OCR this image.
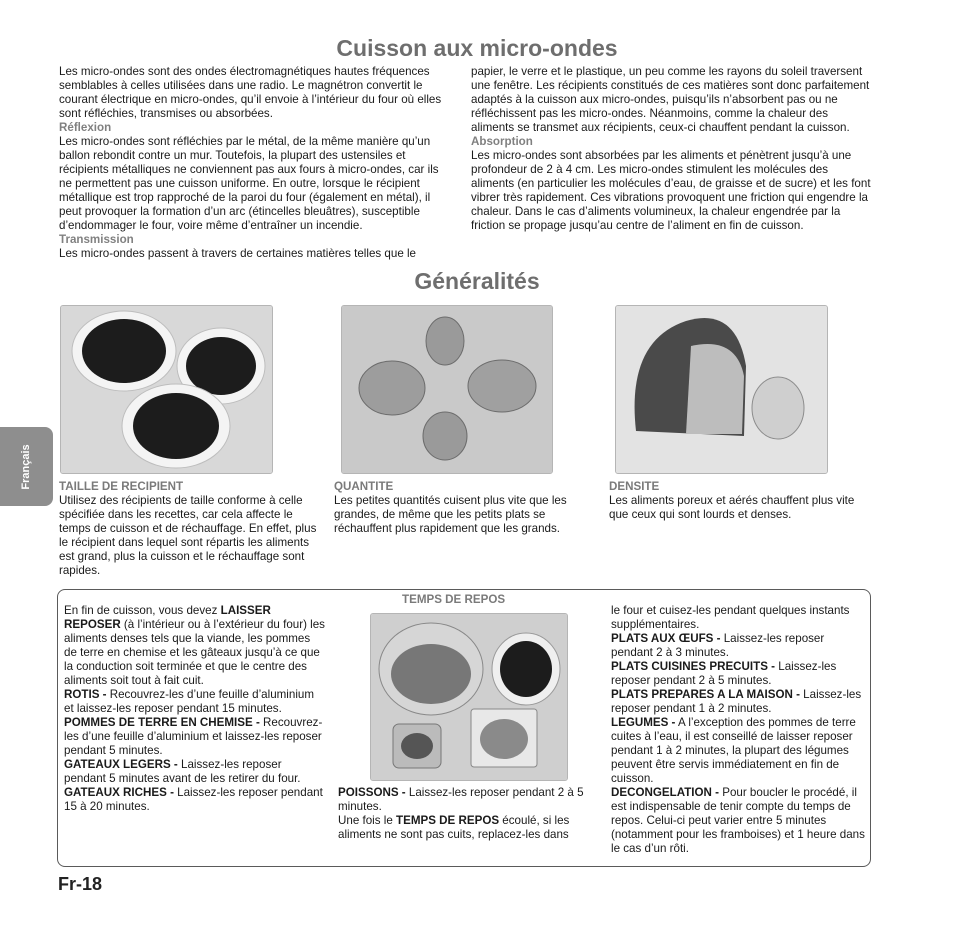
Cuisson aux micro-ondes
Les micro-ondes sont des ondes électromagnétiques hautes fréquences semblables à celles utilisées dans une radio. Le magnétron convertit le courant électrique en micro-ondes, qu’il envoie à l’intérieur du four où elles sont réfléchies, transmises ou absorbées.
Réflexion
Les micro-ondes sont réfléchies par le métal, de la même manière qu’un ballon rebondit contre un mur. Toutefois, la plupart des ustensiles et récipients métalliques ne conviennent pas aux fours à micro-ondes, car ils ne permettent pas une cuisson uniforme. En outre, lorsque le récipient métallique est trop rapproché de la paroi du four (également en métal), il peut provoquer la formation d’un arc (étincelles bleuâtres), susceptible d’endommager le four, voire même d’entraîner un incendie.
Transmission
Les micro-ondes passent à travers de certaines matières telles que le
papier, le verre et le plastique, un peu comme les rayons du soleil traversent une fenêtre. Les récipients constitués de ces matières sont donc parfaitement adaptés à la cuisson aux micro-ondes, puisqu’ils n’absorbent pas ou ne réfléchissent pas les micro-ondes. Néanmoins, comme la chaleur des aliments se transmet aux récipients, ceux-ci chauffent pendant la cuisson.
Absorption
Les micro-ondes sont absorbées par les aliments et pénètrent jusqu’à une profondeur de 2 à 4 cm. Les micro-ondes stimulent les molécules des aliments (en particulier les molécules d’eau, de graisse et de sucre) et les font vibrer très rapidement. Ces vibrations provoquent une friction qui engendre la chaleur. Dans le cas d’aliments volumineux, la chaleur engendrée par la friction se propage jusqu’au centre de l’aliment en fin de cuisson.
Généralités
Français TAILLE DE RECIPIENT
Utilisez des récipients de taille conforme à celle spécifiée dans les recettes, car cela affecte le temps de cuisson et de réchauffage. En effet, plus le récipient dans lequel sont répartis les aliments est grand, plus la cuisson et le réchauffage sont rapides.
QUANTITE
Les petites quantités cuisent plus vite que les grandes, de même que les petits plats se réchauffent plus rapidement que les grands.
DENSITE
Les aliments poreux et aérés chauffent plus vite que ceux qui sont lourds et denses.
TEMPS DE REPOS
En fin de cuisson, vous devez LAISSER REPOSER (à l’intérieur ou à l’extérieur du four) les aliments denses tels que la viande, les pommes de terre en chemise et les gâteaux jusqu’à ce que la conduction soit terminée et que le centre des aliments soit tout à fait cuit.
ROTIS - Recouvrez-les d’une feuille d’aluminium et laissez-les reposer pendant 15 minutes.
POMMES DE TERRE EN CHEMISE - Recouvrez-les d’une feuille d’aluminium et laissez-les reposer pendant 5 minutes.
GATEAUX LEGERS - Laissez-les reposer pendant 5 minutes avant de les retirer du four.
GATEAUX RICHES - Laissez-les reposer pendant 15 à 20 minutes.
POISSONS - Laissez-les reposer pendant 2 à 5 minutes.
Une fois le TEMPS DE REPOS écoulé, si les aliments ne sont pas cuits, replacez-les dans
le four et cuisez-les pendant quelques instants supplémentaires.
PLATS AUX ŒUFS - Laissez-les reposer pendant 2 à 3 minutes.
PLATS CUISINES PRECUITS - Laissez-les reposer pendant 2 à 5 minutes.
PLATS PREPARES A LA MAISON - Laissez-les reposer pendant 1 à 2 minutes.
LEGUMES - A l’exception des pommes de terre cuites à l’eau, il est conseillé de laisser reposer pendant 1 à 2 minutes, la plupart des légumes peuvent être servis immédiatement en fin de cuisson.
DECONGELATION - Pour boucler le procédé, il est indispensable de tenir compte du temps de repos. Celui-ci peut varier entre 5 minutes (notamment pour les framboises) et 1 heure dans le cas d’un rôti.
Fr-18
